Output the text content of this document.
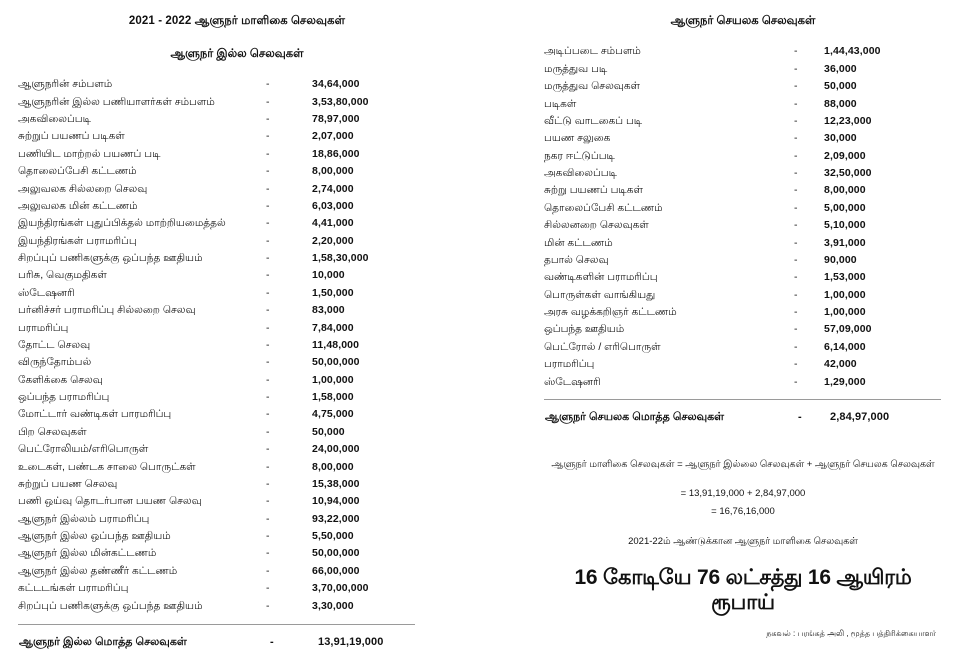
2021 - 2022 ஆளுநர் மாளிகை செலவுகள்
ஆளுநர் இல்ல செலவுகள்
ஆளுநரின் சம்பளம்	-	34,64,000
ஆளுநரின் இல்ல பணியாளர்கள் சம்பளம்	-	3,53,80,000
அகவிலைப்படி	-	78,97,000
சுற்றுப் பயணப் படிகள்	-	2,07,000
பணியிட மாற்றல் பயணப் படி	-	18,86,000
தொலைப்பேசி கட்டணம்	-	8,00,000
அலுவலக சில்லறை செலவு	-	2,74,000
அலுவலக மின் கட்டணம்	-	6,03,000
இயந்திரங்கள் புதுப்பிக்தல் மாற்றியமைத்தல்	-	4,41,000
இயந்திரங்கள் பராமரிப்பு	-	2,20,000
சிறப்புப் பணிகளுக்கு ஒப்பந்த ஊதியம்	-	1,58,30,000
பரிசு, வெகுமதிகள்	-	10,000
ஸ்டேஷனரி	-	1,50,000
பர்னிச்சர் பராமரிப்பு சில்லறை செலவு	-	83,000
பராமரிப்பு	-	7,84,000
தோட்ட செலவு	-	11,48,000
விருந்தோம்பல்	-	50,00,000
கேளிக்கை செலவு	-	1,00,000
ஒப்பந்த பராமரிப்பு	-	1,58,000
மோட்டார் வண்டிகள் பாரமரிப்பு	-	4,75,000
பிற செலவுகள்	-	50,000
பெட்ரோலியம்/எரிபொருள்	-	24,00,000
உடைகள், பண்டக சாலை பொருட்கள்	-	8,00,000
சுற்றுப் பயண செலவு	-	15,38,000
பணி ஒய்வு தொடர்பான பயண செலவு	-	10,94,000
ஆளுநர் இல்லம் பராமரிப்பு	-	93,22,000
ஆளுநர் இல்ல ஒப்பந்த ஊதியம்	-	5,50,000
ஆளுநர் இல்ல மின்கட்டணம்	-	50,00,000
ஆளுநர் இல்ல தண்ணீர் கட்டணம்	-	66,00,000
கட்டடங்கள் பராமரிப்பு	-	3,70,00,000
சிறப்புப் பணிகளுக்கு ஒப்பந்த ஊதியம்	-	3,30,000
ஆளுநர் இல்ல மொத்த செலவுகள்	-	13,91,19,000
ஆளுநர் செயலக செலவுகள்
அடிப்படை சம்பளம்	-	1,44,43,000
மருத்துவ படி	-	36,000
மருத்துவ செலவுகள்	-	50,000
படிகள்	-	88,000
வீட்டு வாடகைப் படி	-	12,23,000
பயண சலுகை	-	30,000
நகர ஈட்டுப்படி	-	2,09,000
அகவிலைப்படி	-	32,50,000
சுற்று பயணப் படிகள்	-	8,00,000
தொலைப்பேசி கட்டணம்	-	5,00,000
சில்லனறை செலவுகள்	-	5,10,000
மின் கட்டணம்	-	3,91,000
தபால் செலவு	-	90,000
வண்டிகளின் பராமரிப்பு	-	1,53,000
பொருள்கள் வாங்கியது	-	1,00,000
அரசு வழக்கறிஞர் கட்டணம்	-	1,00,000
ஒப்பந்த ஊதியம்	-	57,09,000
பெட்ரோல் / எரிபொருள்	-	6,14,000
பராமரிப்பு	-	42,000
ஸ்டேஷனரி	-	1,29,000
ஆளுநர் செயலக மொத்த செலவுகள்	-	2,84,97,000
ஆளுநர் மாளிகை செலவுகள் = ஆளுநர் இல்லை செலவுகள் + ஆளுநர் செயலக செலவுகள்
= 13,91,19,000 + 2,84,97,000
= 16,76,16,000
2021-22ம் ஆண்டுக்கான ஆளுநர் மாளிகை செலவுகள்
16 கோடியே 76 லட்சத்து 16 ஆயிரம் ரூபாய்
நகவல் : பரங்கத் அலி , மூத்த பத்திரிக்கையாளர்
